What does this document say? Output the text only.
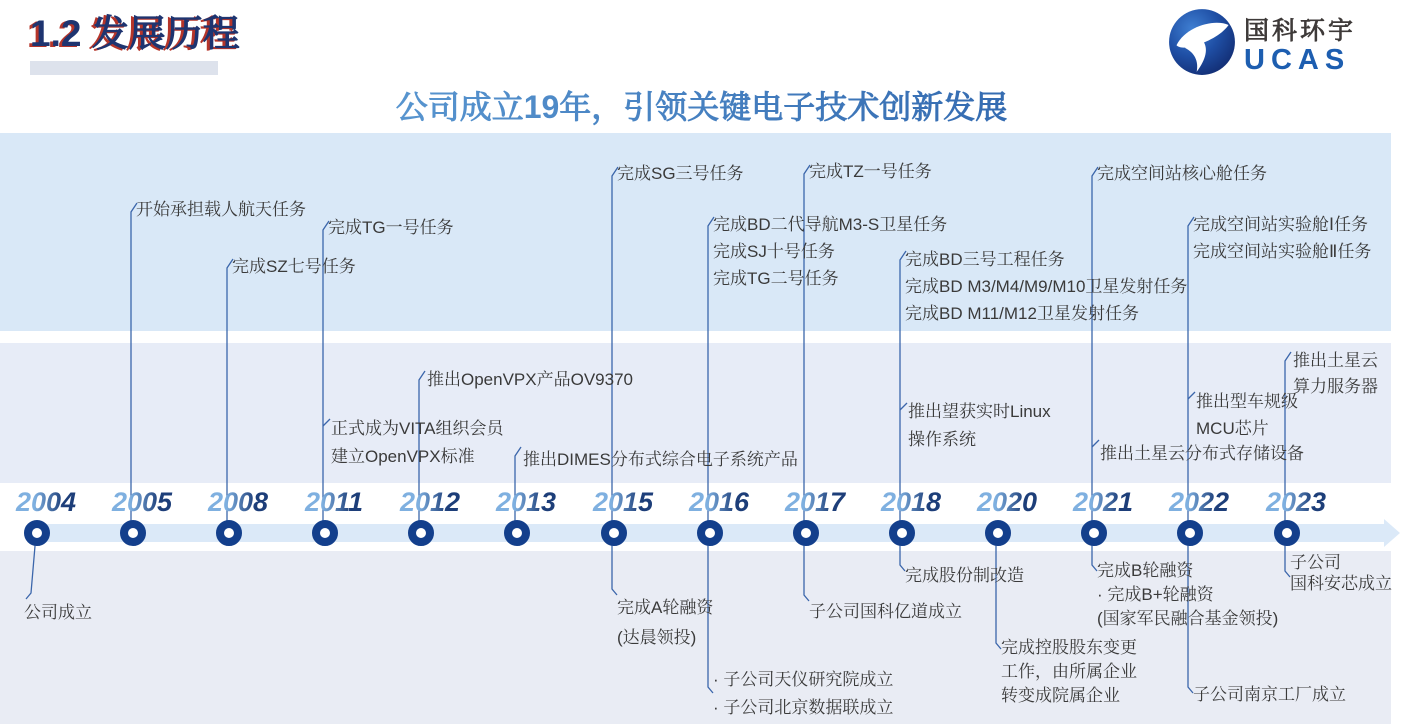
1.2 发展历程	国科环宇
UCAS
公司成立19年，引领关键电子技术创新发展
2004
公司成立
2005
开始承担载人航天任务
2008
完成SZ七号任务
2011
完成TG一号任务
正式成为VITA组织会员
建立OpenVPX标准
2012
推出OpenVPX产品OV9370
2013
推出DIMES分布式综合电子系统产品
2015
完成SG三号任务
完成A轮融资
(达晨领投)
2016
完成BD二代导航M3-S卫星任务
完成SJ十号任务
完成TG二号任务
· 子公司天仪研究院成立
· 子公司北京数据联成立
2017
完成TZ一号任务
子公司国科亿道成立
2018
完成BD三号工程任务
完成BD M3/M4/M9/M10卫星发射任务
完成BD M11/M12卫星发射任务
推出望获实时Linux
操作系统
完成股份制改造
2020
完成控股股东变更
工作，由所属企业
转变成院属企业
2021
完成空间站核心舱任务
推出土星云分布式存储设备
完成B轮融资
· 完成B+轮融资
(国家军民融合基金领投)
2022
完成空间站实验舱Ⅰ任务
完成空间站实验舱Ⅱ任务
推出型车规级
MCU芯片
子公司南京工厂成立
2023
推出土星云
算力服务器
子公司
国科安芯成立
